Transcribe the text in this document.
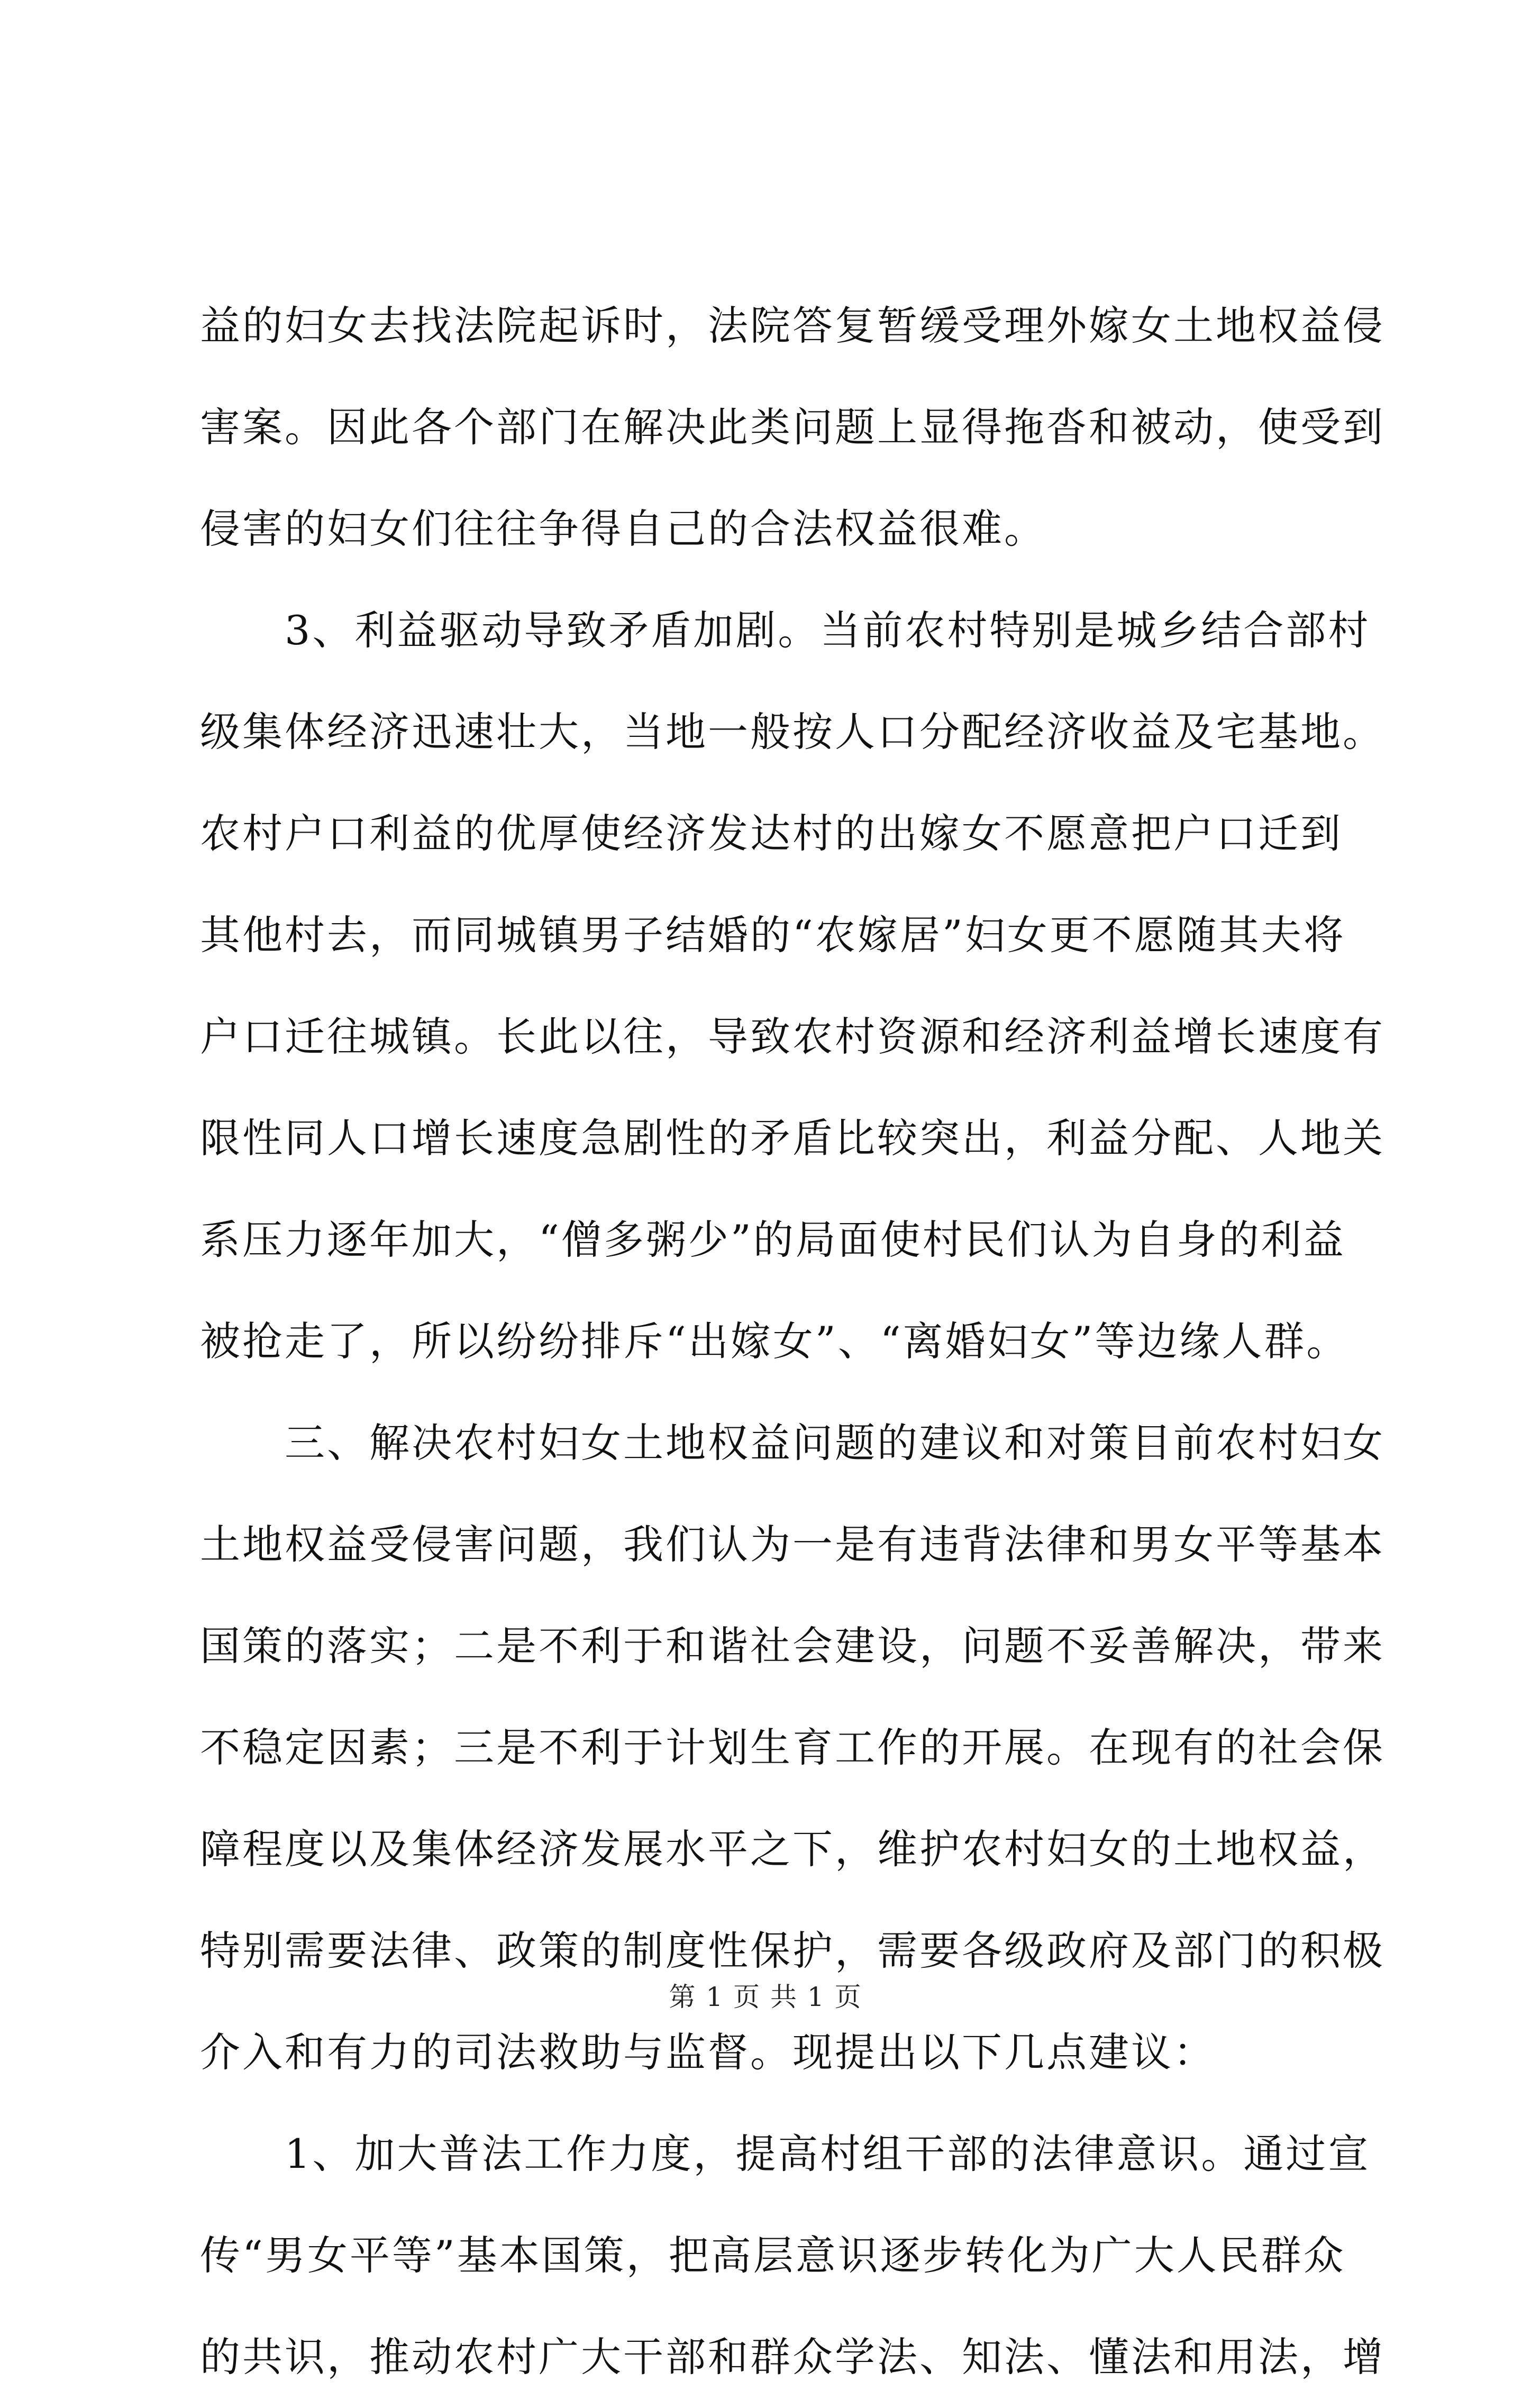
益的妇女去找法院起诉时，法院答复暂缓受理外嫁女土地权益侵
害案。因此各个部门在解决此类问题上显得拖沓和被动，使受到
侵害的妇女们往往争得自己的合法权益很难。
　　3、利益驱动导致矛盾加剧。当前农村特别是城乡结合部村
级集体经济迅速壮大，当地一般按人口分配经济收益及宅基地。
农村户口利益的优厚使经济发达村的出嫁女不愿意把户口迁到
其他村去，而同城镇男子结婚的“农嫁居”妇女更不愿随其夫将
户口迁往城镇。长此以往，导致农村资源和经济利益增长速度有
限性同人口增长速度急剧性的矛盾比较突出，利益分配、人地关
系压力逐年加大，“僧多粥少”的局面使村民们认为自身的利益
被抢走了，所以纷纷排斥“出嫁女”、“离婚妇女”等边缘人群。
　　三、解决农村妇女土地权益问题的建议和对策目前农村妇女
土地权益受侵害问题，我们认为一是有违背法律和男女平等基本
国策的落实；二是不利于和谐社会建设，问题不妥善解决，带来
不稳定因素；三是不利于计划生育工作的开展。在现有的社会保
障程度以及集体经济发展水平之下，维护农村妇女的土地权益，
特别需要法律、政策的制度性保护，需要各级政府及部门的积极
介入和有力的司法救助与监督。现提出以下几点建议：
　　1、加大普法工作力度，提高村组干部的法律意识。通过宣
传“男女平等”基本国策，把高层意识逐步转化为广大人民群众
的共识，推动农村广大干部和群众学法、知法、懂法和用法，增
第 1 页 共 1 页
